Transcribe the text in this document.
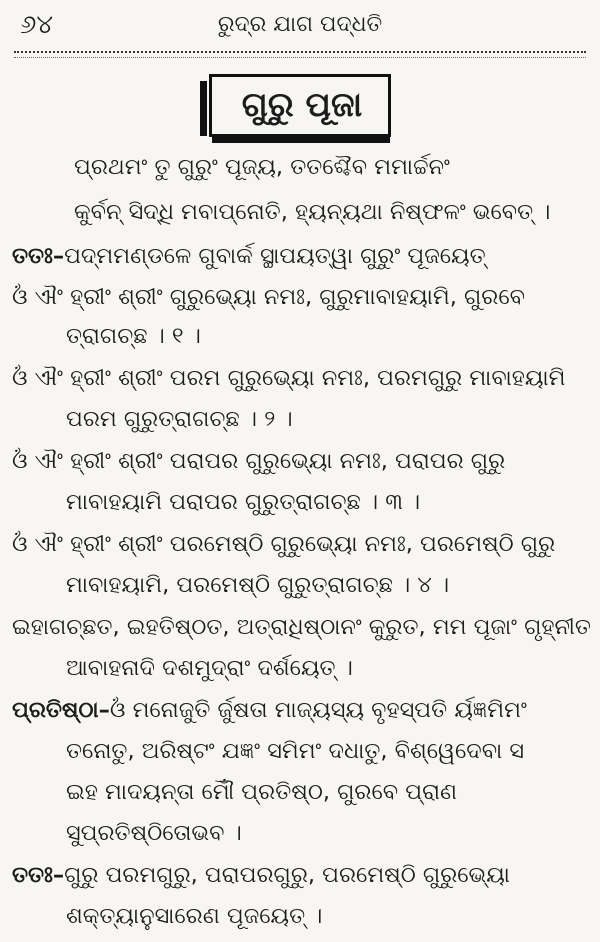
୬୪	ରୁଦ୍ର ଯାଗ ପଦ୍ଧତି
ଗୁରୁ ପୂଜା
ପ୍ରଥମଂ ତୁ ଗୁରୁଂ ପୂଜ୍ୟ, ତତଶ୍ଚୈବ ମମାର୍ଚ୍ଚନଂ
କୁର୍ବନ୍ ସିଦ୍ଧି ମବାପ୍ନୋତି, ହ୍ୟନ୍ୟଥା ନିଷ୍ଫଳଂ ଭବେତ୍ ।
ତତଃ–ପଦ୍ମମଣ୍ଡଳେ ଗୁବାର୍କ ସ୍ଥାପୟତ୍ୱା ଗୁରୁଂ ପୂଜୟେତ୍
ଓଁ ଐଂ ହ୍ରୀଂ ଶ୍ରୀଂ ଗୁରୁଭ୍ୟୋ ନମଃ, ଗୁରୁମାବାହୟାମି, ଗୁରବେ
ତ୍ରାଗଚ୍ଛ । ୧ ।
ଓଁ ଐଂ ହ୍ରୀଂ ଶ୍ରୀଂ ପରମ ଗୁରୁଭ୍ୟୋ ନମଃ, ପରମଗୁରୁ ମାବାହୟାମି
ପରମ ଗୁରୁତ୍ରାଗଚ୍ଛ । ୨ ।
ଓଁ ଐଂ ହ୍ରୀଂ ଶ୍ରୀଂ ପରାପର ଗୁରୁଭ୍ୟୋ ନମଃ, ପରାପର ଗୁରୁ
ମାବାହୟାମି ପରାପର ଗୁରୁତ୍ରାଗଚ୍ଛ । ୩ ।
ଓଁ ଐଂ ହ୍ରୀଂ ଶ୍ରୀଂ ପରମେଷ୍ଠି ଗୁରୁଭ୍ୟୋ ନମଃ, ପରମେଷ୍ଠି ଗୁରୁ
ମାବାହୟାମି, ପରମେଷ୍ଠି ଗୁରୁତ୍ରାଗଚ୍ଛ । ୪ ।
ଇହାଗଚ୍ଛତ, ଇହତିଷ୍ଠତ, ଅତ୍ରାଧିଷ୍ଠାନଂ କୁରୁତ, ମମ ପୂଜାଂ ଗୃହ୍ନୀତ
ଆବାହନାଦି ଦଶମୁଦ୍ରାଂ ଦର୍ଶୟେତ୍ ।
ପ୍ରତିଷ୍ଠା–ଓଁ ମନୋଜୁତି ର୍ଜୁଷତା ମାଜ୍ୟସ୍ୟ ବୃହସ୍ପତି ର୍ୟଜ୍ଞମିମଂ
ତନୋତୁ, ଅରିଷ୍ଟଂ ଯଜ୍ଞଂ ସମିମଂ ଦଧାତୁ, ବିଶ୍ୱେଦେବା ସ
ଇହ ମାଦୟନ୍ତା ମୌଁ ପ୍ରତିଷ୍ଠ, ଗୁରବେ ପ୍ରାଣ
ସୁପ୍ରତିଷ୍ଠିତୋଭବ ।
ତତଃ–ଗୁରୁ ପରମଗୁରୁ, ପରାପରଗୁରୁ, ପରମେଷ୍ଠି ଗୁରୁଭ୍ୟୋ
ଶକ୍ତ୍ୟାନୁସାରେଣ ପୂଜୟେତ୍ ।
